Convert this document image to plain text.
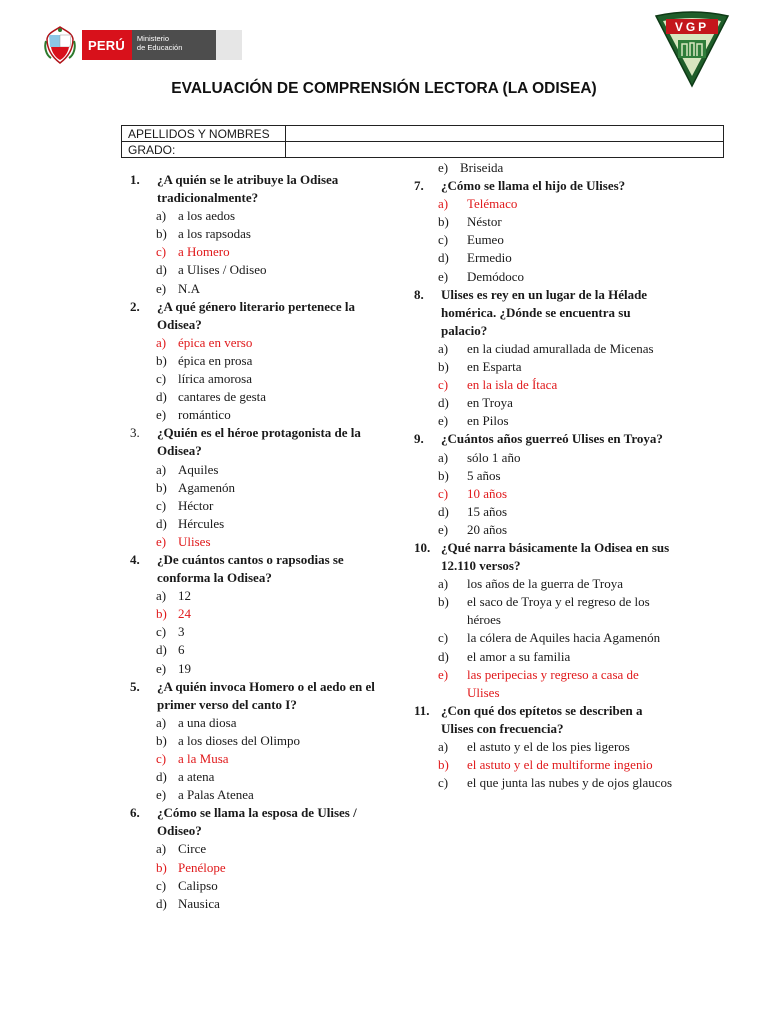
PERÚ	Ministerio
de Educación
VGP
EVALUACIÓN DE COMPRENSIÓN LECTORA (LA ODISEA)
APELLIDOS Y NOMBRES	
GRADO:	
1.	¿A quién se le atribuye la Odisea tradicionalmente?
a) a los aedos
b) a los rapsodas
c) a Homero
d) a Ulises / Odiseo
e) N.A
2.	¿A qué género literario pertenece la Odisea?
a) épica en verso
b) épica en prosa
c) lírica amorosa
d) cantares de gesta
e) romántico
3.	¿Quién es el héroe protagonista de la Odisea?
a) Aquiles
b) Agamenón
c) Héctor
d) Hércules
e) Ulises
4.	¿De cuántos cantos o rapsodias se conforma la Odisea?
a) 12
b) 24
c) 3
d) 6
e) 19
5.	¿A quién invoca Homero o el aedo en el primer verso del canto I?
a) a una diosa
b) a los dioses del Olimpo
c) a la Musa
d) a atena
e) a Palas Atenea
6.	¿Cómo se llama la esposa de Ulises / Odiseo?
a) Circe
b) Penélope
c) Calipso
d) Nausica
e) Briseida
7.	¿Cómo se llama el hijo de Ulises?
a)	Telémaco
b)	Néstor
c)	Eumeo
d)	Ermedio
e)	Demódoco
8.	Ulises es rey en un lugar de la Hélade homérica. ¿Dónde se encuentra su palacio?
a)	en la ciudad amurallada de Micenas
b)	en Esparta
c)	en la isla de Ítaca
d)	en Troya
e)	en Pilos
9.	¿Cuántos años guerreó Ulises en Troya?
a)	sólo 1 año
b)	5 años
c)	10 años
d)	15 años
e)	20 años
10. ¿Qué narra básicamente la Odisea en sus 12.110 versos?
a)	los años de la guerra de Troya
b)	el saco de Troya y el regreso de los héroes
c)	la cólera de Aquiles hacia Agamenón
d)	el amor a su familia
e)	las peripecias y regreso a casa de Ulises
11. ¿Con qué dos epítetos se describen a Ulises con frecuencia?
a)	el astuto y el de los pies ligeros
b)	el astuto y el de multiforme ingenio
c)	el que junta las nubes y de ojos glaucos
